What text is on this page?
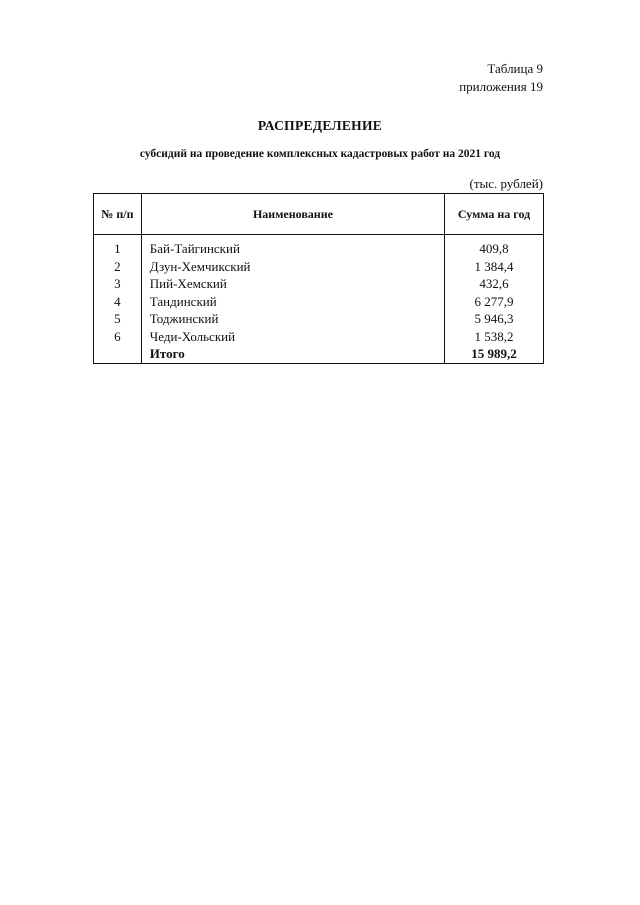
Таблица 9
приложения 19
РАСПРЕДЕЛЕНИЕ
субсидий на проведение комплексных кадастровых работ на 2021 год
(тыс. рублей)
№ п/п	Наименование	Сумма на год
1	Бай-Тайгинский	409,8
2	Дзун-Хемчикский	1 384,4
3	Пий-Хемский	432,6
4	Тандинский	6 277,9
5	Тоджинский	5 946,3
6	Чеди-Хольский	1 538,2
	Итого	15 989,2
